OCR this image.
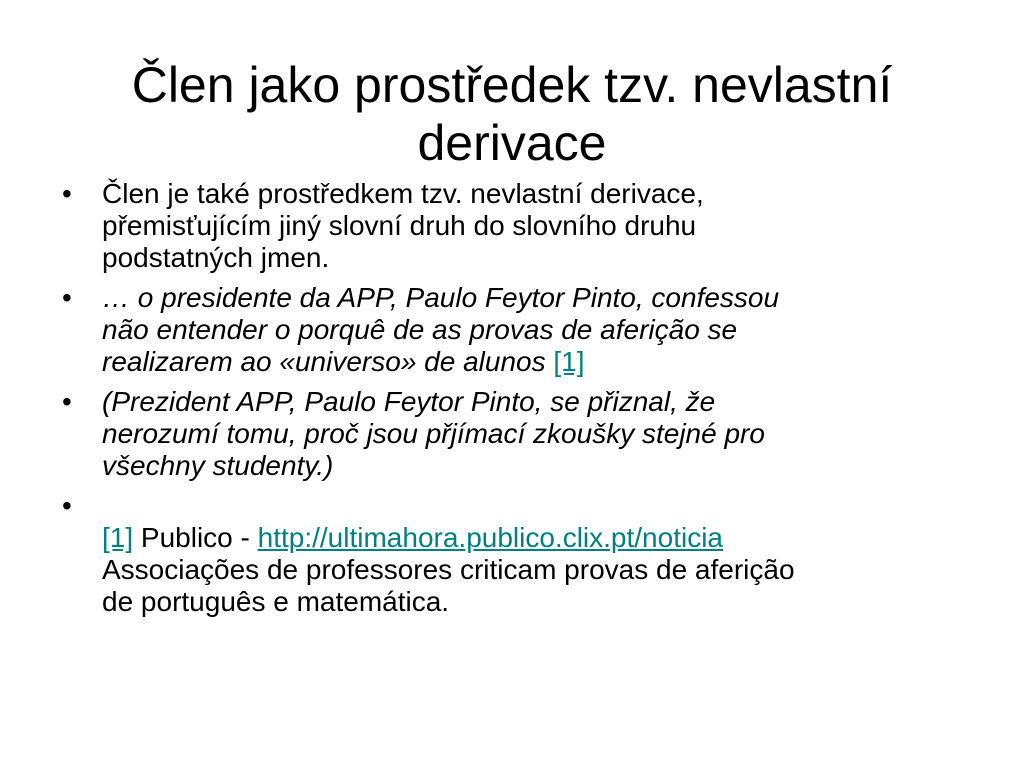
Člen jako prostředek tzv. nevlastní
derivace
• Člen je také prostředkem tzv. nevlastní derivace,
přemisťujícím jiný slovní druh do slovního druhu
podstatných jmen.
• … o presidente da APP, Paulo Feytor Pinto, confessou
não entender o porquê de as provas de aferição se
realizarem ao «universo» de alunos [1]
• (Prezident APP, Paulo Feytor Pinto, se přiznal, že
nerozumí tomu, proč jsou přjímací zkoušky stejné pro
všechny studenty.)
•
[1] Publico - http://ultimahora.publico.clix.pt/noticia
Associações de professores criticam provas de aferição
de português e matemática.
